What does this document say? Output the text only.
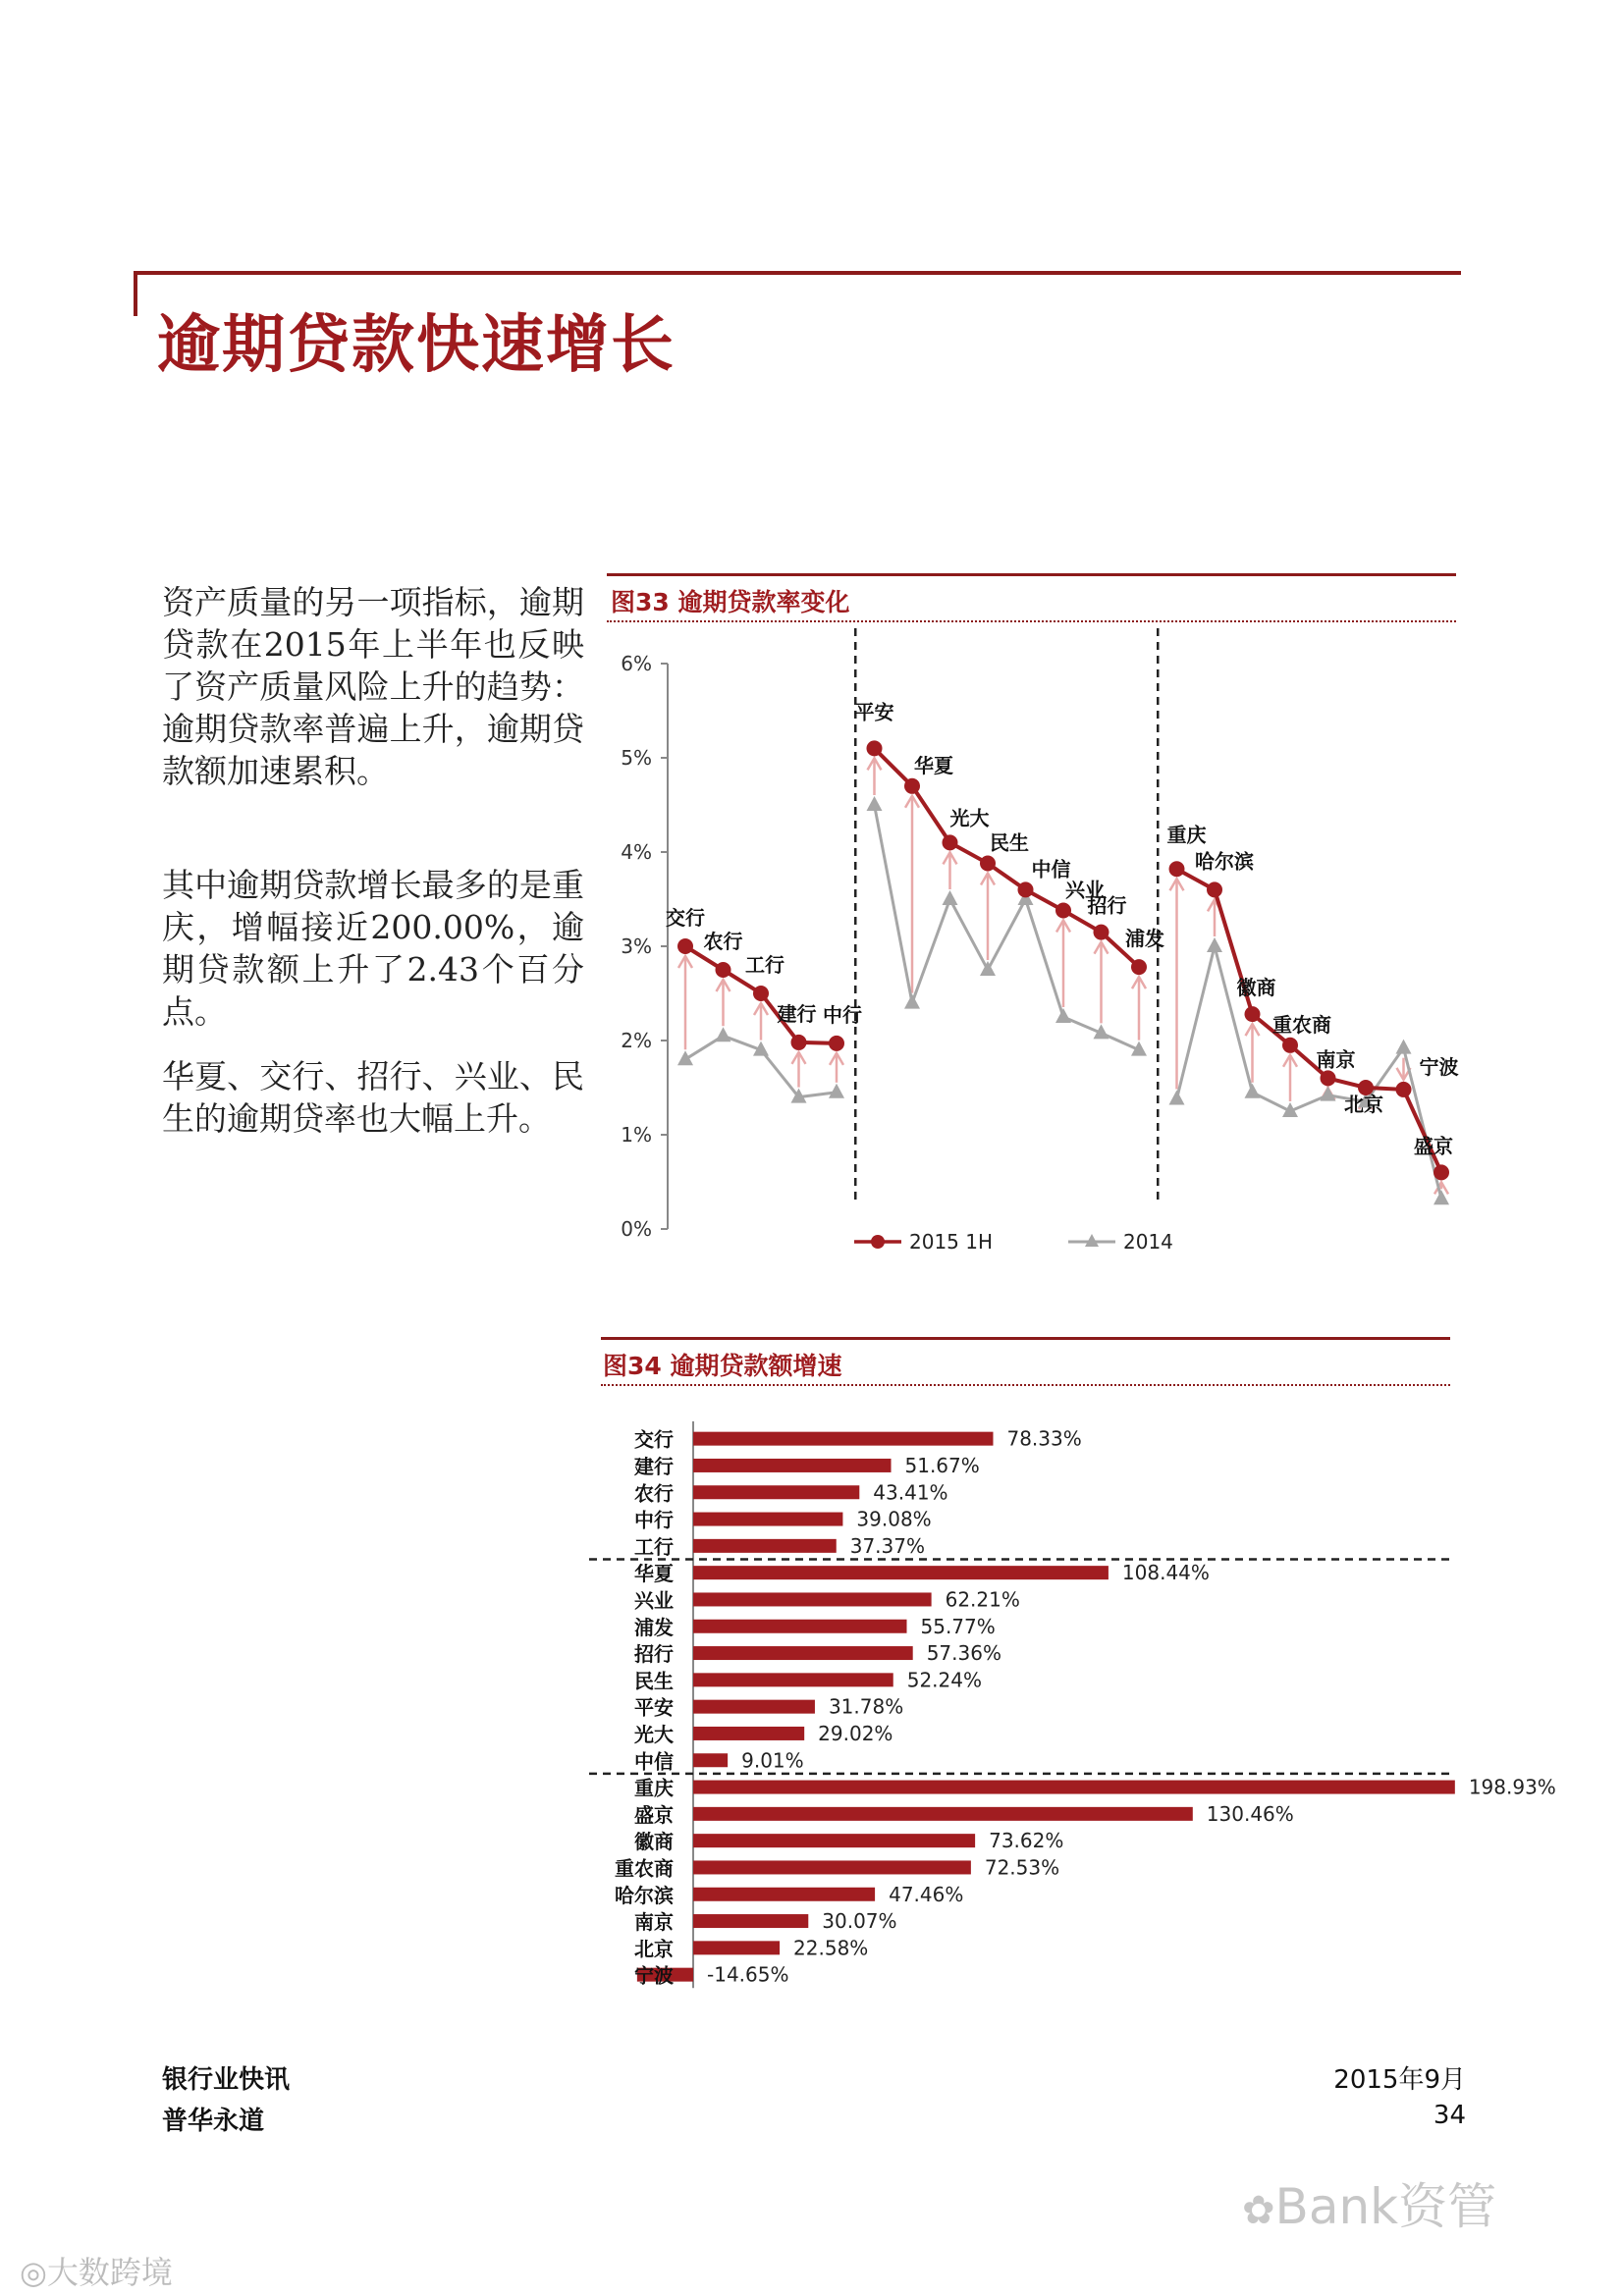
逾期贷款快速增长
资产质量的另一项指标，逾期贷款在2015年上半年也反映了资产质量风险上升的趋势：逾期贷款率普遍上升，逾期贷款额加速累积。
其中逾期贷款增长最多的是重庆，增幅接近200.00%，逾期贷款额上升了2.43个百分点。
华夏、交行、招行、兴业、民生的逾期贷率也大幅上升。
图33 逾期贷款率变化
0%
1%
2%
3%
4%
5%
6%
交行
农行
工行
建行 中行
平安
华夏
光大
民生
中信
兴业
招行
浦发
重庆
哈尔滨
徽商
重农商
南京
北京
宁波
盛京
2015 1H	2014
图34 逾期贷款额增速
交行	78.33%
建行	51.67%
农行	43.41%
中行	39.08%
工行	37.37%
华夏	108.44%
兴业	62.21%
浦发	55.77%
招行	57.36%
民生	52.24%
平安	31.78%
光大	29.02%
中信	9.01%
重庆	198.93%
盛京	130.46%
徽商	73.62%
重农商	72.53%
哈尔滨	47.46%
南京	30.07%
北京	22.58%
宁波 -14.65%
银行业快讯
普华永道
2015年9月
34
✿Bank资管
◎大数跨境
